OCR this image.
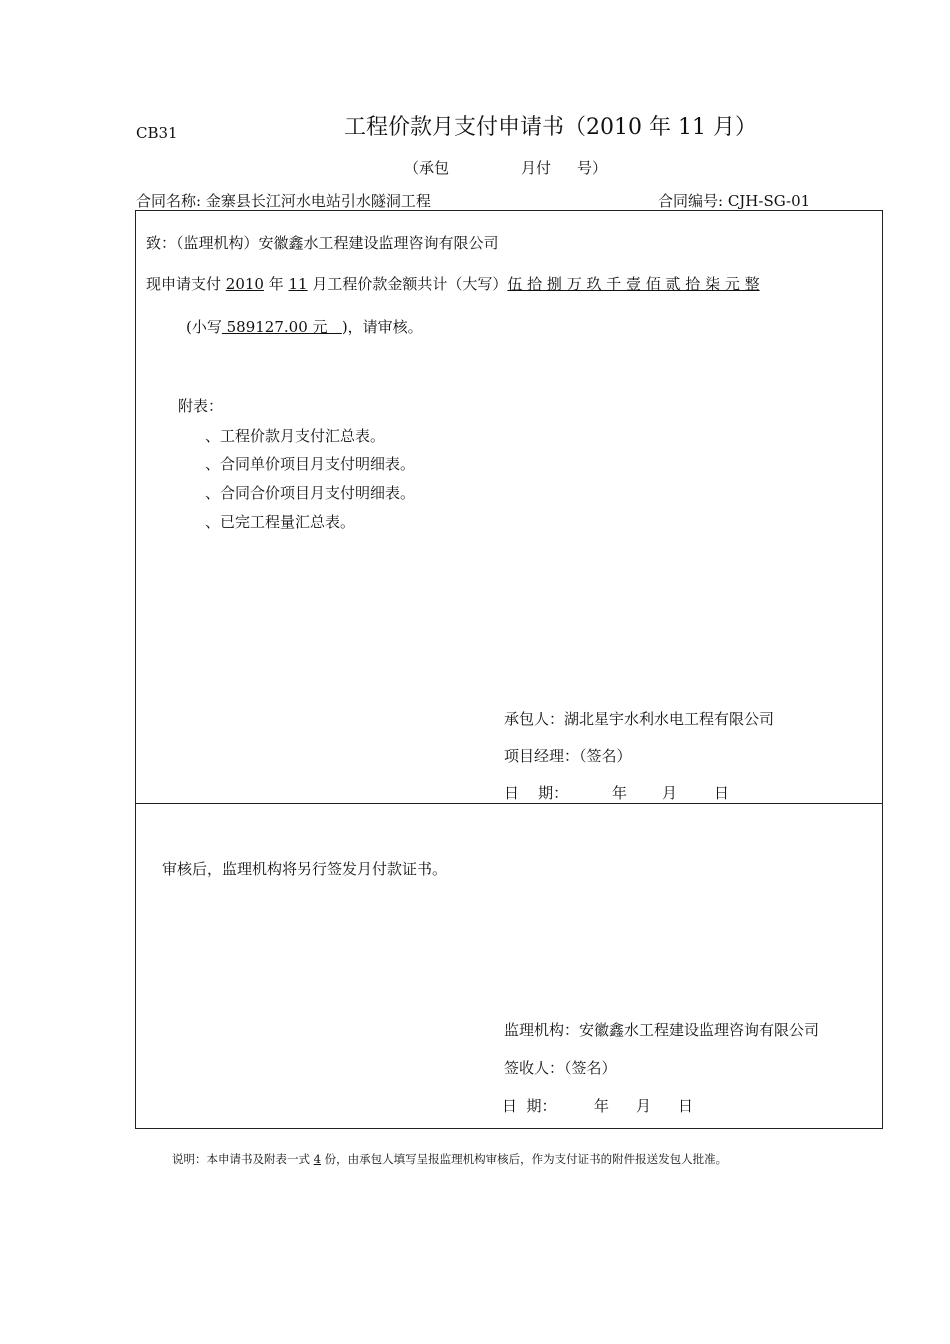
CB31	工程价款月支付申请书（2010 年 11 月）
（承包	月付 号）
合同名称: 金寨县长江河水电站引水隧洞工程	合同编号: CJH-SG-01
致：（监理机构）安徽鑫水工程建设监理咨询有限公司
现申请支付 2010 年 11 月工程价款金额共计（大写）伍 拾 捌 万 玖 千 壹 佰 贰 拾 柒 元 整
(小写 589127.00 元   )，请审核。
附表：
、工程价款月支付汇总表。
、合同单价项目月支付明细表。
、合同合价项目月支付明细表。
、已完工程量汇总表。
承包人：湖北星宇水利水电工程有限公司
项目经理：（签名）
日    期：	年 月 日
审核后，监理机构将另行签发月付款证书。
监理机构：安徽鑫水工程建设监理咨询有限公司
签收人：（签名）
日  期： 年 月 日
说明：本申请书及附表一式 4 份，由承包人填写呈报监理机构审核后，作为支付证书的附件报送发包人批准。
